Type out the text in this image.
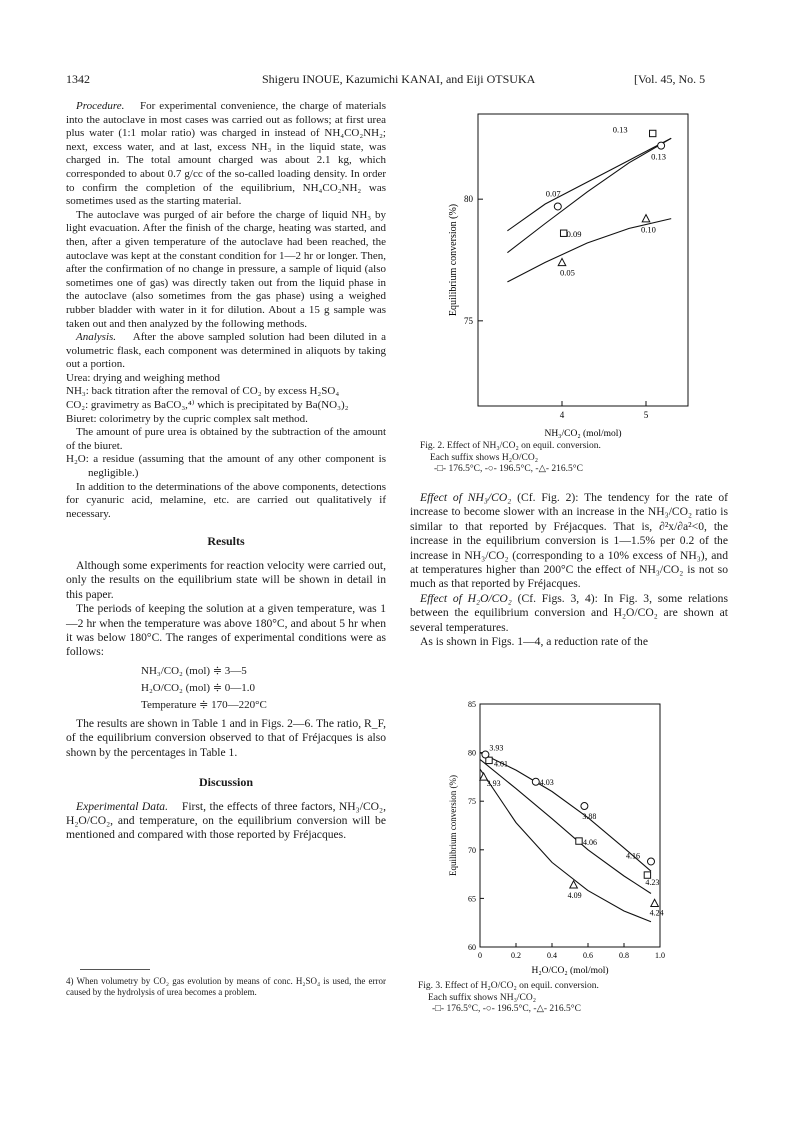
1342	Shigeru INOUE, Kazumichi KANAI, and Eiji OTSUKA	[Vol. 45, No. 5

Procedure. For experimental convenience, the charge of materials into the autoclave in most cases was carried out as follows; at first urea plus water (1:1 molar ratio) was charged in instead of NH₄CO₂NH₂; next, excess water, and at last, excess NH₃ in the liquid state, was charged in. The total amount charged was about 2.1 kg, which corresponded to about 0.7 g/cc of the so-called loading density. In order to confirm the completion of the equilibrium, NH₄CO₂NH₂ was sometimes used as the starting material.

The autoclave was purged of air before the charge of liquid NH₃ by light evacuation. After the finish of the charge, heating was started, and then, after a given temperature of the autoclave had been reached, the autoclave was kept at the constant condition for 1—2 hr or longer. Then, after the confirmation of no change in pressure, a sample of liquid (also sometimes one of gas) was directly taken out from the liquid phase in the autoclave (also sometimes from the gas phase) using a weighed rubber bladder with water in it for dilution. About a 15 g sample was taken out and then analyzed by the following methods.

Analysis. After the above sampled solution had been diluted in a volumetric flask, each component was determined in aliquots by taking out a portion.

Urea: drying and weighing method

NH₃: back titration after the removal of CO₂ by excess H₂SO₄

CO₂: gravimetry as BaCO₃,⁴⁾ which is precipitated by Ba(NO₃)₂

Biuret: colorimetry by the cupric complex salt method.

The amount of pure urea is obtained by the subtraction of the amount of the biuret.

H₂O: a residue (assuming that the amount of any other component is negligible.)

In addition to the determinations of the above components, detections for cyanuric acid, melamine, etc. are carried out qualitatively if necessary.

Results

Although some experiments for reaction velocity were carried out, only the results on the equilibrium state will be shown in detail in this paper.

The periods of keeping the solution at a given temperature, was 1—2 hr when the temperature was above 180°C, and about 5 hr when it was below 180°C. The ranges of experimental conditions were as follows:

NH₃/CO₂ (mol) ≑ 3—5

H₂O/CO₂ (mol) ≑ 0—1.0

Temperature ≑ 170—220°C

The results are shown in Table 1 and in Figs. 2—6. The ratio, R_F, of the equilibrium conversion observed to that of Fréjacques is also shown by the percentages in Table 1.

Discussion

Experimental Data. First, the effects of three factors, NH₃/CO₂, H₂O/CO₂, and temperature, on the equilibrium conversion will be mentioned and compared with those reported by Fréjacques.

4) When volumetry by CO₂ gas evolution by means of conc. H₂SO₄ is used, the error caused by the hydrolysis of urea becomes a problem.
4	5
75
80
NH₃/CO₂ (mol/mol)
Equilibrium conversion (%)	0.09
0.13
0.07
0.13
0.05
0.10
Fig. 2. Effect of NH₃/CO₂ on equil. conversion.
Each suffix shows H₂O/CO₂
-□- 176.5°C, -○- 196.5°C, -△- 216.5°C

Effect of NH₃/CO₂ (Cf. Fig. 2): The tendency for the rate of increase to become slower with an increase in the NH₃/CO₂ ratio is similar to that reported by Fréjacques. That is, ∂²x/∂a²<0, the increase in the equilibrium conversion is 1—1.5% per 0.2 of the increase in NH₃/CO₂ (corresponding to a 10% excess of NH₃), and at temperatures higher than 200°C the effect of NH₃/CO₂ is not so much as that reported by Fréjacques.

Effect of H₂O/CO₂ (Cf. Figs. 3, 4): In Fig. 3, some relations between the equilibrium conversion and H₂O/CO₂ are shown at several temperatures.

As is shown in Figs. 1—4, a reduction rate of the

0	0.2	0.4	0.6	0.8	1.0
60
65
70
75
80
85
H₂O/CO₂ (mol/mol)
Equilibrium conversion (%)
4.01
4.06
4.23
3.93
4.03
3.88
4.16
3.93
4.09
4.24
Fig. 3. Effect of H₂O/CO₂ on equil. conversion.
Each suffix shows NH₃/CO₂
-□- 176.5°C, -○- 196.5°C, -△- 216.5°C
